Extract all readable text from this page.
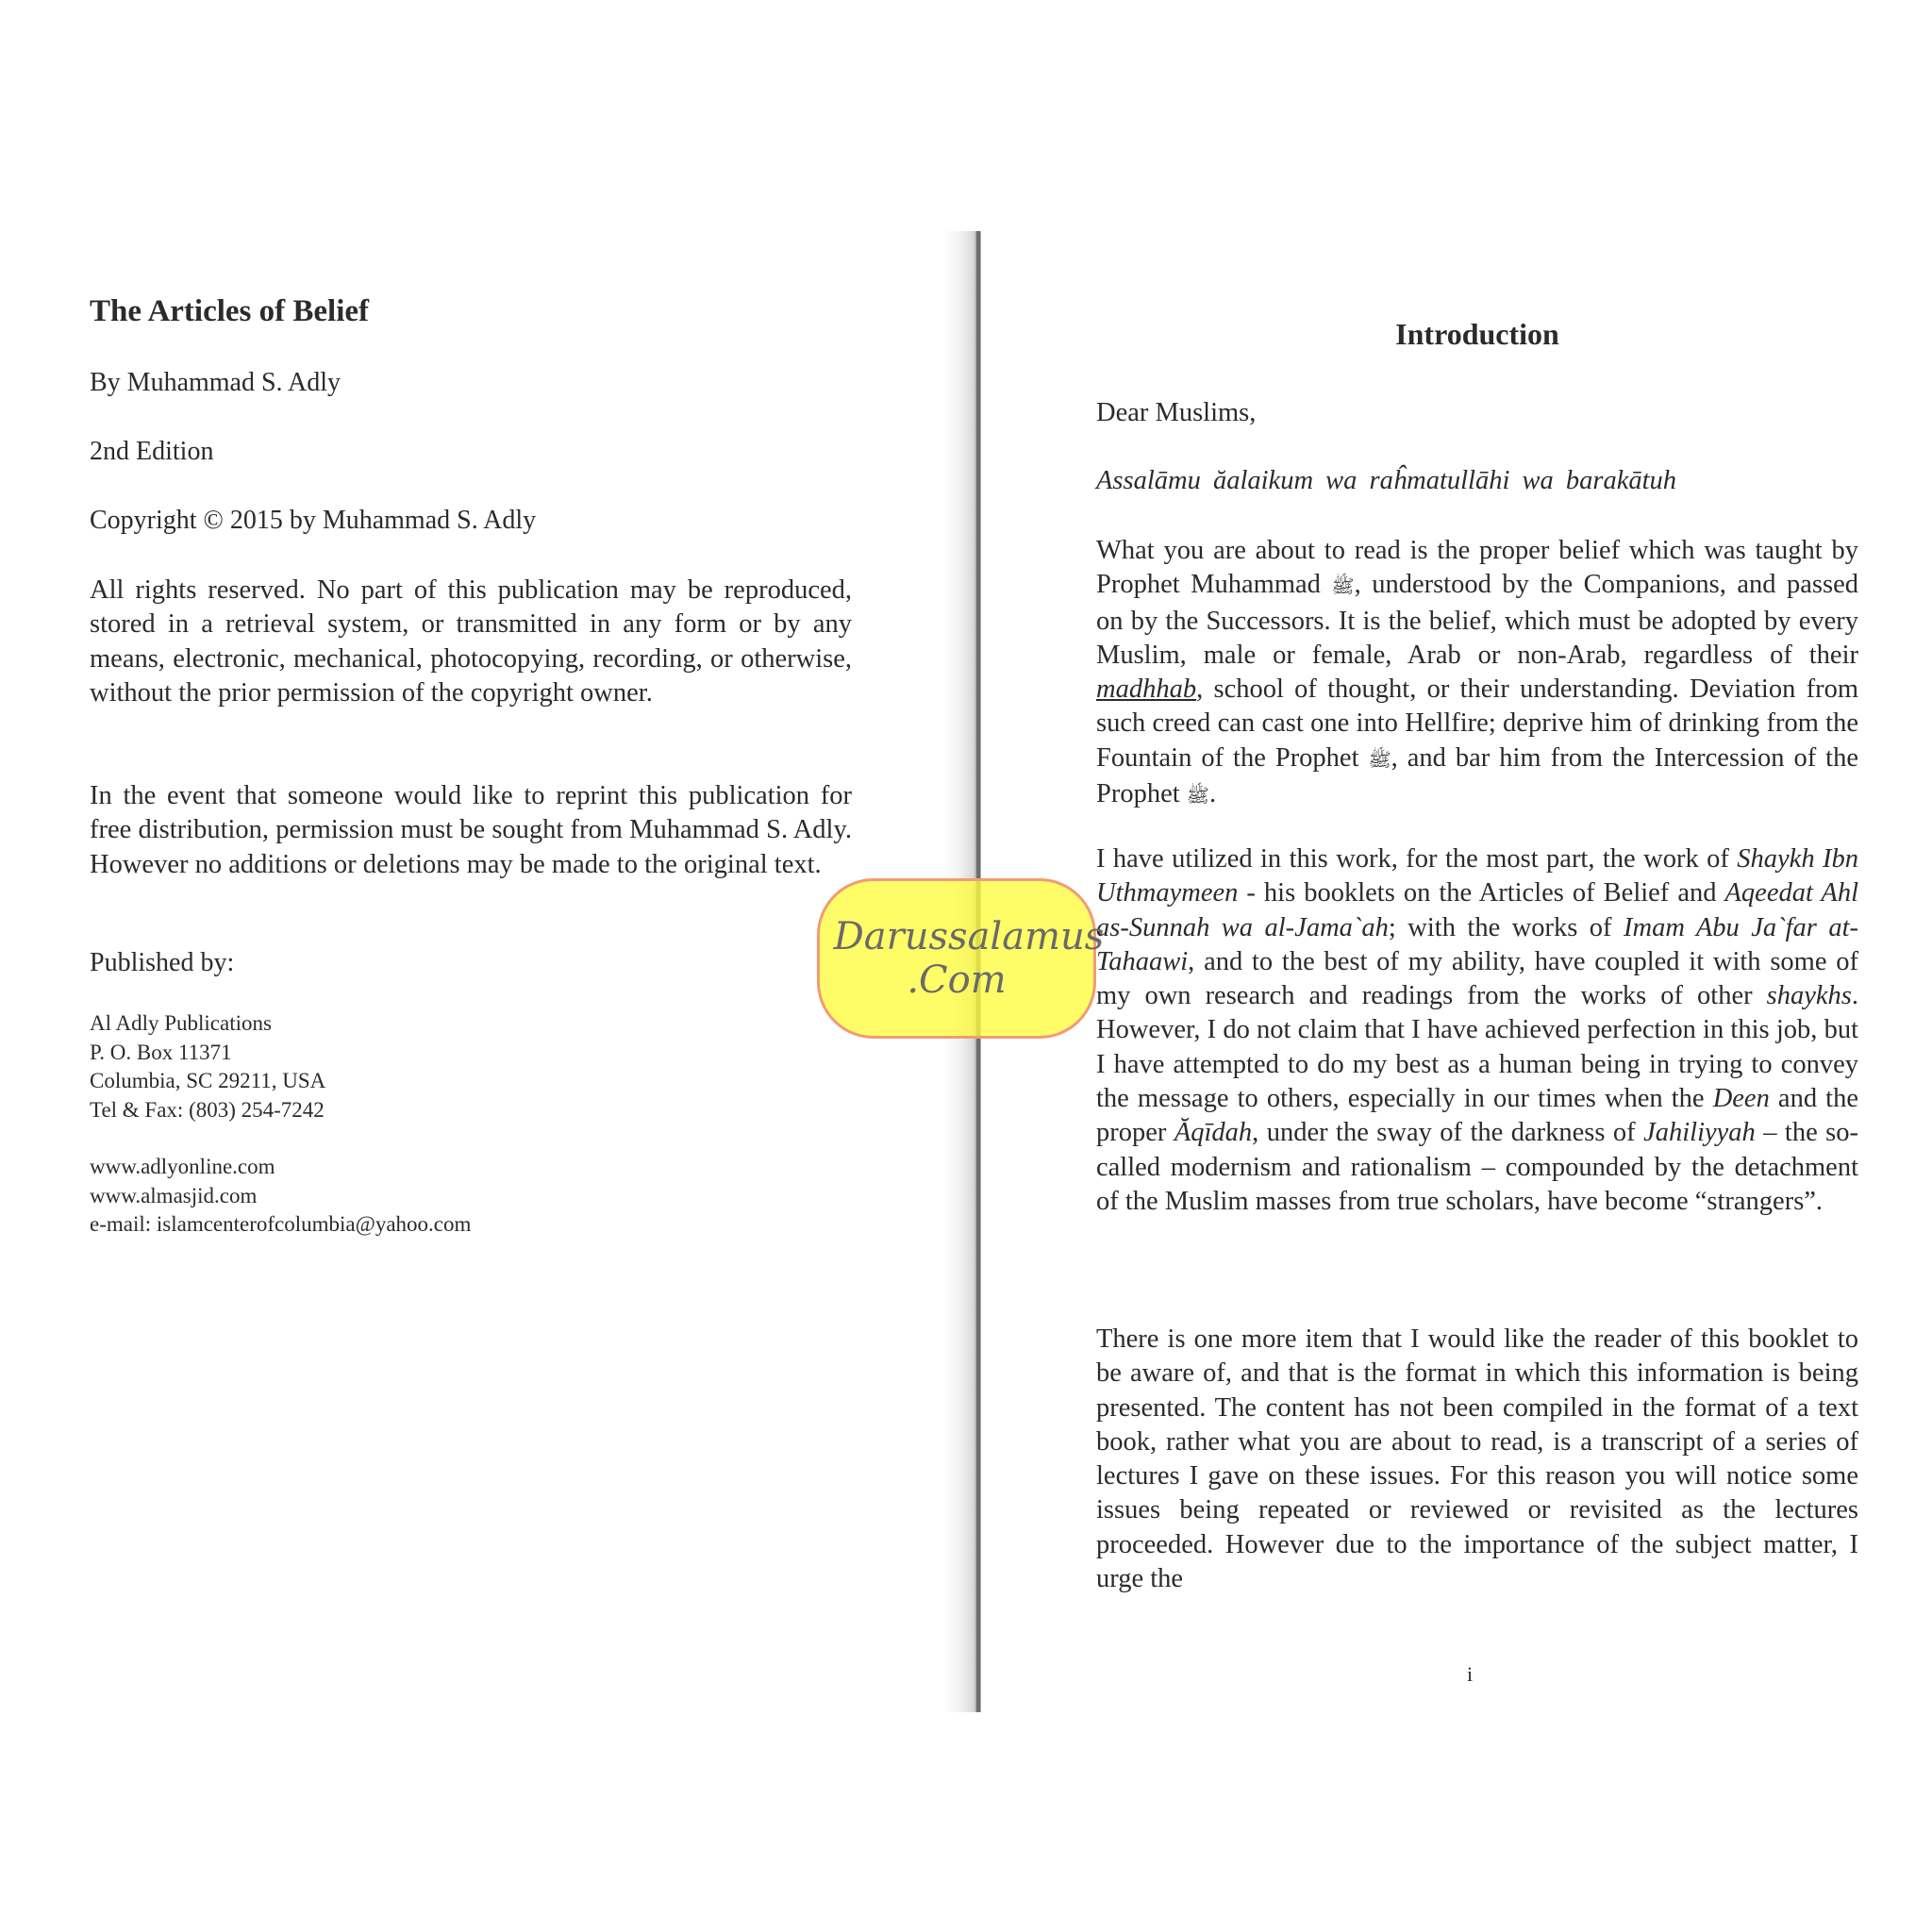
The Articles of Belief
By Muhammad S. Adly
2nd Edition
Copyright © 2015 by Muhammad S. Adly
All rights reserved. No part of this publication may be reproduced, stored in a retrieval system, or transmitted in any form or by any means, electronic, mechanical, photocopying, recording, or otherwise, without the prior permission of the copyright owner.
In the event that someone would like to reprint this publication for free distribution, permission must be sought from Muhammad S. Adly. However no additions or deletions may be made to the original text.
Published by:
Al Adly Publications
P. O. Box 11371
Columbia, SC 29211, USA
Tel & Fax: (803) 254-7242
www.adlyonline.com
www.almasjid.com
e-mail: islamcenterofcolumbia@yahoo.com
Introduction
Dear Muslims,
Assalāmu ăalaikum wa raĥmatullāhi wa barakātuh
What you are about to read is the proper belief which was taught by Prophet Muhammad ﷺ, understood by the Companions, and passed on by the Successors. It is the belief, which must be adopted by every Muslim, male or female, Arab or non-Arab, regardless of their madhhab, school of thought, or their understanding. Deviation from such creed can cast one into Hellfire; deprive him of drinking from the Fountain of the Prophet ﷺ, and bar him from the Intercession of the Prophet ﷺ.
I have utilized in this work, for the most part, the work of Shaykh Ibn Uthmaymeen - his booklets on the Articles of Belief and Aqeedat Ahl as-Sunnah wa al-Jama`ah; with the works of Imam Abu Ja`far at-Tahaawi, and to the best of my ability, have coupled it with some of my own research and readings from the works of other shaykhs. However, I do not claim that I have achieved perfection in this job, but I have attempted to do my best as a human being in trying to convey the message to others, especially in our times when the Deen and the proper Ăqīdah, under the sway of the darkness of Jahiliyyah – the so-called modernism and rationalism – compounded by the detachment of the Muslim masses from true scholars, have become “strangers”.
There is one more item that I would like the reader of this booklet to be aware of, and that is the format in which this information is being presented. The content has not been compiled in the format of a text book, rather what you are about to read, is a transcript of a series of lectures I gave on these issues. For this reason you will notice some issues being repeated or reviewed or revisited as the lectures proceeded. However due to the importance of the subject matter, I urge the
i
Darussalamus
.Com
